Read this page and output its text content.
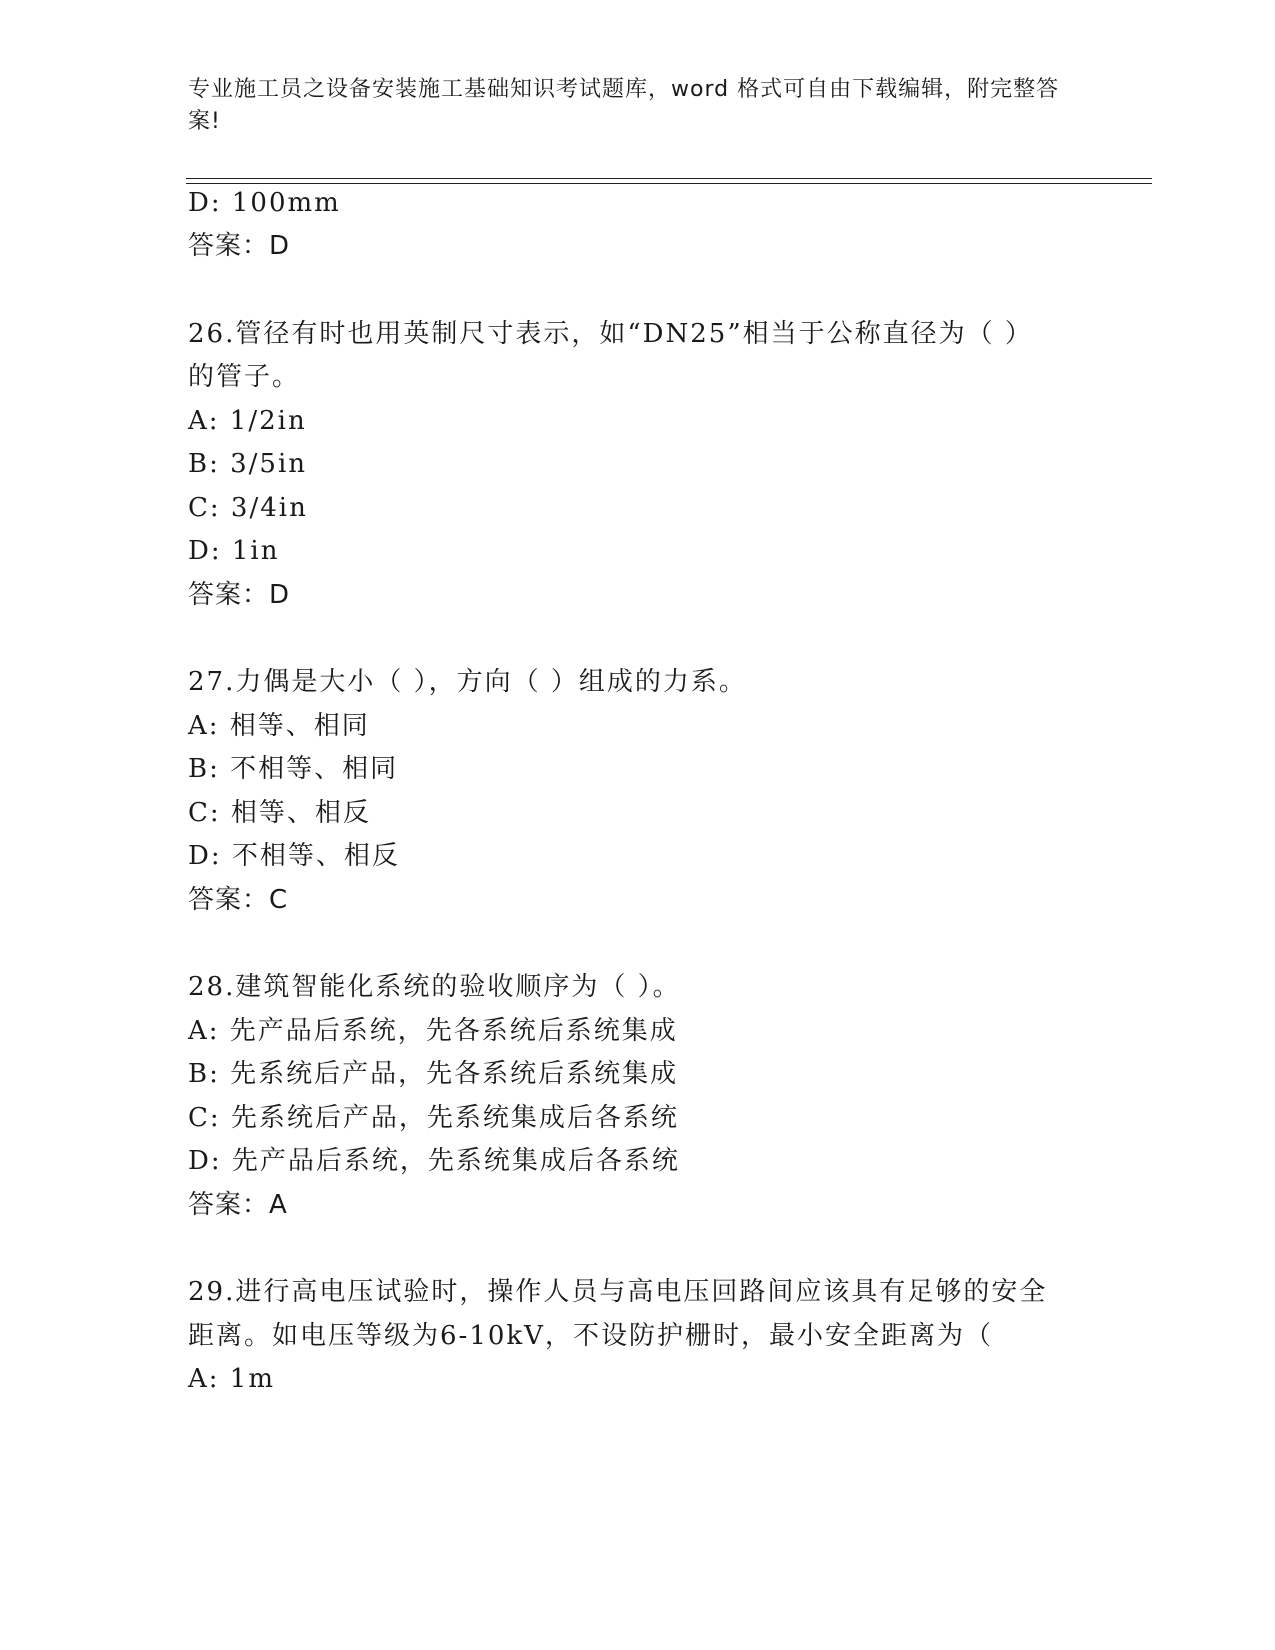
专业施工员之设备安装施工基础知识考试题库，word 格式可自由下载编辑，附完整答案!
D: 100mm
答案：D
26.管径有时也用英制尺寸表示，如“DN25”相当于公称直径为（ ）
的管子。
A: 1/2in
B: 3/5in
C: 3/4in
D: 1in
答案：D
27.力偶是大小（ ），方向（ ）组成的力系。
A: 相等、相同
B: 不相等、相同
C: 相等、相反
D: 不相等、相反
答案：C
28.建筑智能化系统的验收顺序为（ ）。
A: 先产品后系统，先各系统后系统集成
B: 先系统后产品，先各系统后系统集成
C: 先系统后产品，先系统集成后各系统
D: 先产品后系统，先系统集成后各系统
答案：A
29.进行高电压试验时，操作人员与高电压回路间应该具有足够的安全
距离。如电压等级为6-10kV，不设防护栅时，最小安全距离为（
A: 1m
